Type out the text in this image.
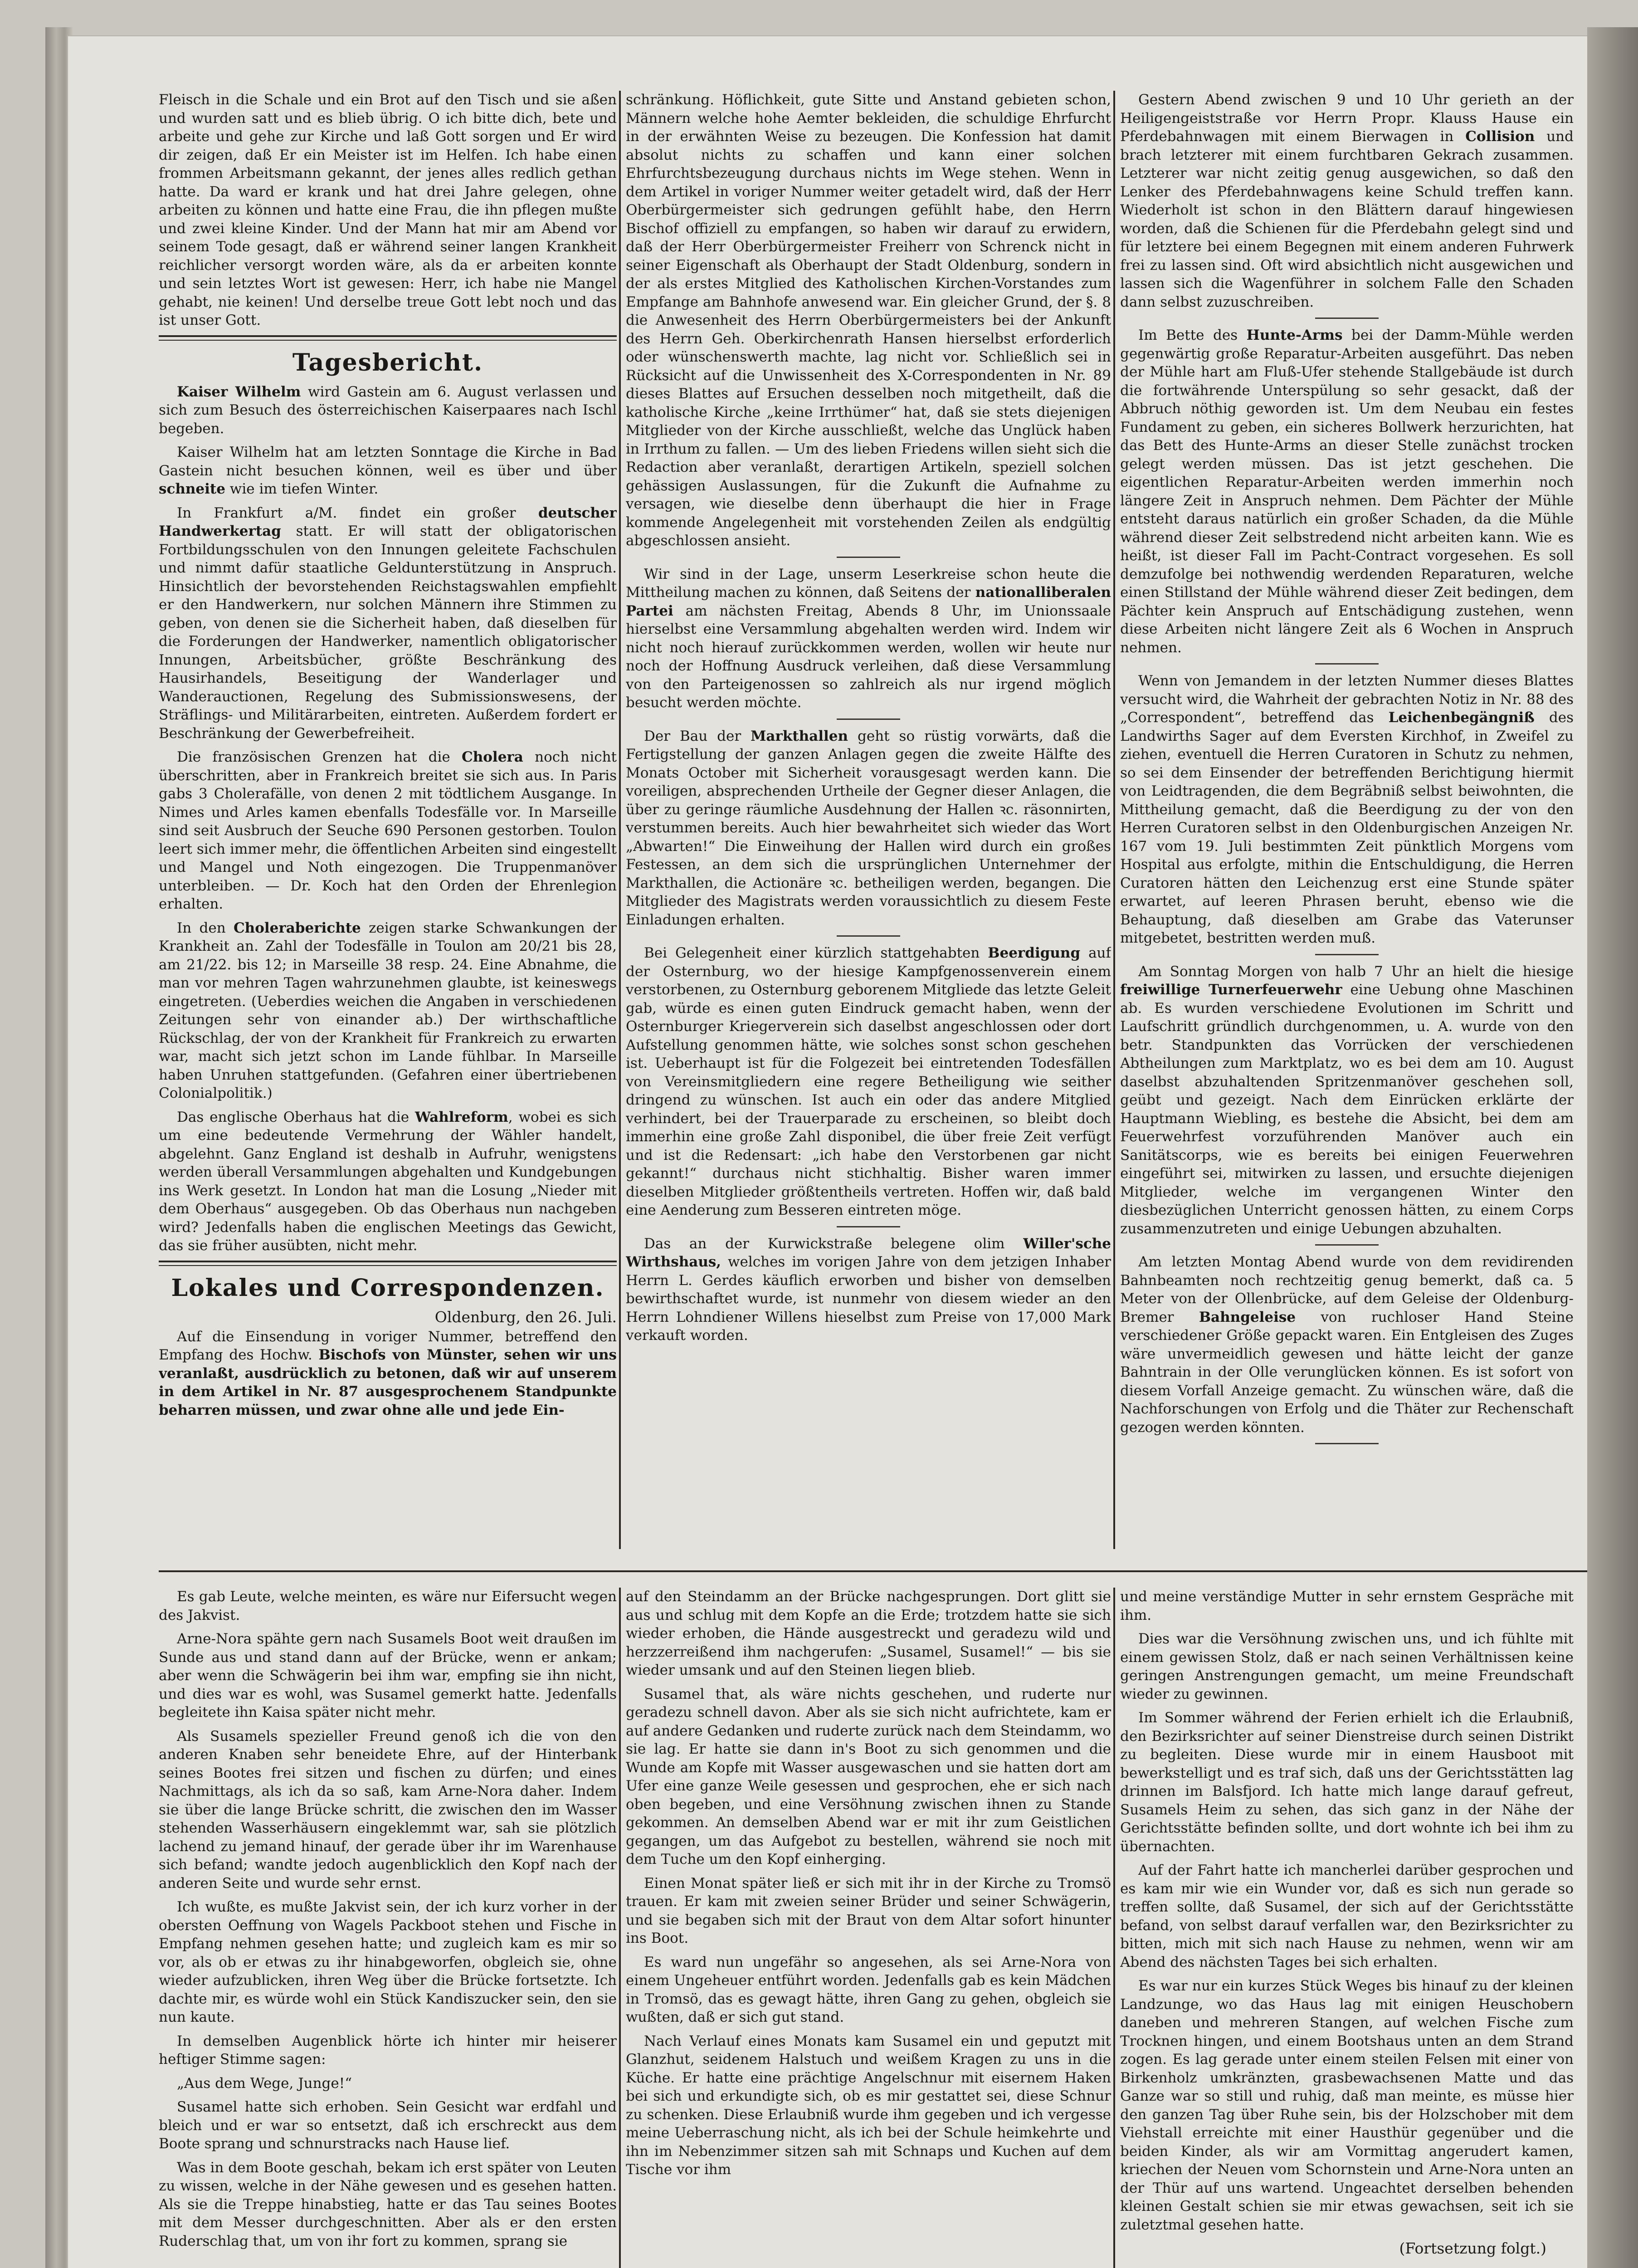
Fleisch in die Schale und ein Brot auf den Tisch und sie aßen und wurden satt und es blieb übrig. O ich bitte dich, bete und arbeite und gehe zur Kirche und laß Gott sorgen und Er wird dir zeigen, daß Er ein Meister ist im Helfen. Ich habe einen frommen Arbeitsmann gekannt, der jenes alles redlich gethan hatte. Da ward er krank und hat drei Jahre gelegen, ohne arbeiten zu können und hatte eine Frau, die ihn pflegen mußte und zwei kleine Kinder. Und der Mann hat mir am Abend vor seinem Tode gesagt, daß er während seiner langen Krankheit reichlicher versorgt worden wäre, als da er arbeiten konnte und sein letztes Wort ist gewesen: Herr, ich habe nie Mangel gehabt, nie keinen! Und derselbe treue Gott lebt noch und das ist unser Gott.

Tagesbericht.

Kaiser Wilhelm wird Gastein am 6. August verlassen und sich zum Besuch des österreichischen Kaiserpaares nach Ischl begeben.

Kaiser Wilhelm hat am letzten Sonntage die Kirche in Bad Gastein nicht besuchen können, weil es über und über schneite wie im tiefen Winter.

In Frankfurt a/M. findet ein großer deutscher Handwerkertag statt. Er will statt der obligatorischen Fortbildungsschulen von den Innungen geleitete Fachschulen und nimmt dafür staatliche Geldunterstützung in Anspruch. Hinsichtlich der bevorstehenden Reichstagswahlen empfiehlt er den Handwerkern, nur solchen Männern ihre Stimmen zu geben, von denen sie die Sicherheit haben, daß dieselben für die Forderungen der Handwerker, namentlich obligatorischer Innungen, Arbeitsbücher, größte Beschränkung des Hausirhandels, Beseitigung der Wanderlager und Wanderauctionen, Regelung des Submissionswesens, der Sträflings- und Militärarbeiten, eintreten. Außerdem fordert er Beschränkung der Gewerbefreiheit.

Die französischen Grenzen hat die Cholera noch nicht überschritten, aber in Frankreich breitet sie sich aus. In Paris gabs 3 Cholerafälle, von denen 2 mit tödtlichem Ausgange. In Nimes und Arles kamen ebenfalls Todesfälle vor. In Marseille sind seit Ausbruch der Seuche 690 Personen gestorben. Toulon leert sich immer mehr, die öffentlichen Arbeiten sind eingestellt und Mangel und Noth eingezogen. Die Truppenmanöver unterbleiben. — Dr. Koch hat den Orden der Ehrenlegion erhalten.

In den Choleraberichte zeigen starke Schwankungen der Krankheit an. Zahl der Todesfälle in Toulon am 20/21 bis 28, am 21/22. bis 12; in Marseille 38 resp. 24. Eine Abnahme, die man vor mehren Tagen wahrzunehmen glaubte, ist keineswegs eingetreten. (Ueberdies weichen die Angaben in verschiedenen Zeitungen sehr von einander ab.) Der wirthschaftliche Rückschlag, der von der Krankheit für Frankreich zu erwarten war, macht sich jetzt schon im Lande fühlbar. In Marseille haben Unruhen stattgefunden. (Gefahren einer übertriebenen Colonialpolitik.)

Das englische Oberhaus hat die Wahlreform, wobei es sich um eine bedeutende Vermehrung der Wähler handelt, abgelehnt. Ganz England ist deshalb in Aufruhr, wenigstens werden überall Versammlungen abgehalten und Kundgebungen ins Werk gesetzt. In London hat man die Losung „Nieder mit dem Oberhaus“ ausgegeben. Ob das Oberhaus nun nachgeben wird? Jedenfalls haben die englischen Meetings das Gewicht, das sie früher ausübten, nicht mehr.

Lokales und Correspondenzen.
Oldenburg, den 26. Juli.

Auf die Einsendung in voriger Nummer, betreffend den Empfang des Hochw. Bischofs von Münster, sehen wir uns veranlaßt, ausdrücklich zu betonen, daß wir auf unserem in dem Artikel in Nr. 87 ausgesprochenem Standpunkte beharren müssen, und zwar ohne alle und jede Ein-

schränkung. Höflichkeit, gute Sitte und Anstand gebieten schon, Männern welche hohe Aemter bekleiden, die schuldige Ehrfurcht in der erwähnten Weise zu bezeugen. Die Konfession hat damit absolut nichts zu schaffen und kann einer solchen Ehrfurchtsbezeugung durchaus nichts im Wege stehen. Wenn in dem Artikel in voriger Nummer weiter getadelt wird, daß der Herr Oberbürgermeister sich gedrungen gefühlt habe, den Herrn Bischof offiziell zu empfangen, so haben wir darauf zu erwidern, daß der Herr Oberbürgermeister Freiherr von Schrenck nicht in seiner Eigenschaft als Oberhaupt der Stadt Oldenburg, sondern in der als erstes Mitglied des Katholischen Kirchen-Vorstandes zum Empfange am Bahnhofe anwesend war. Ein gleicher Grund, der §. 8 die Anwesenheit des Herrn Oberbürgermeisters bei der Ankunft des Herrn Geh. Oberkirchenrath Hansen hierselbst erforderlich oder wünschenswerth machte, lag nicht vor. Schließlich sei in Rücksicht auf die Unwissenheit des X-Correspondenten in Nr. 89 dieses Blattes auf Ersuchen desselben noch mitgetheilt, daß die katholische Kirche „keine Irrthümer“ hat, daß sie stets diejenigen Mitglieder von der Kirche ausschließt, welche das Unglück haben in Irrthum zu fallen. — Um des lieben Friedens willen sieht sich die Redaction aber veranlaßt, derartigen Artikeln, speziell solchen gehässigen Auslassungen, für die Zukunft die Aufnahme zu versagen, wie dieselbe denn überhaupt die hier in Frage kommende Angelegenheit mit vorstehenden Zeilen als endgültig abgeschlossen ansieht.

Wir sind in der Lage, unserm Leserkreise schon heute die Mittheilung machen zu können, daß Seitens der nationalliberalen Partei am nächsten Freitag, Abends 8 Uhr, im Unionssaale hierselbst eine Versammlung abgehalten werden wird. Indem wir nicht noch hierauf zurückkommen werden, wollen wir heute nur noch der Hoffnung Ausdruck verleihen, daß diese Versammlung von den Parteigenossen so zahlreich als nur irgend möglich besucht werden möchte.

Der Bau der Markthallen geht so rüstig vorwärts, daß die Fertigstellung der ganzen Anlagen gegen die zweite Hälfte des Monats October mit Sicherheit vorausgesagt werden kann. Die voreiligen, absprechenden Urtheile der Gegner dieser Anlagen, die über zu geringe räumliche Ausdehnung der Hallen ꝛc. räsonnirten, verstummen bereits. Auch hier bewahrheitet sich wieder das Wort „Abwarten!“ Die Einweihung der Hallen wird durch ein großes Festessen, an dem sich die ursprünglichen Unternehmer der Markthallen, die Actionäre ꝛc. betheiligen werden, begangen. Die Mitglieder des Magistrats werden voraussichtlich zu diesem Feste Einladungen erhalten.

Bei Gelegenheit einer kürzlich stattgehabten Beerdigung auf der Osternburg, wo der hiesige Kampfgenossenverein einem verstorbenen, zu Osternburg geborenem Mitgliede das letzte Geleit gab, würde es einen guten Eindruck gemacht haben, wenn der Osternburger Kriegerverein sich daselbst angeschlossen oder dort Aufstellung genommen hätte, wie solches sonst schon geschehen ist. Ueberhaupt ist für die Folgezeit bei eintretenden Todesfällen von Vereinsmitgliedern eine regere Betheiligung wie seither dringend zu wünschen. Ist auch ein oder das andere Mitglied verhindert, bei der Trauerparade zu erscheinen, so bleibt doch immerhin eine große Zahl disponibel, die über freie Zeit verfügt und ist die Redensart: „ich habe den Verstorbenen gar nicht gekannt!“ durchaus nicht stichhaltig. Bisher waren immer dieselben Mitglieder größtentheils vertreten. Hoffen wir, daß bald eine Aenderung zum Besseren eintreten möge.

Das an der Kurwickstraße belegene olim Willer'sche Wirthshaus, welches im vorigen Jahre von dem jetzigen Inhaber Herrn L. Gerdes käuflich erworben und bisher von demselben bewirthschaftet wurde, ist nunmehr von diesem wieder an den Herrn Lohndiener Willens hieselbst zum Preise von 17,000 Mark verkauft worden.

Gestern Abend zwischen 9 und 10 Uhr gerieth an der Heiligengeiststraße vor Herrn Propr. Klauss Hause ein Pferdebahnwagen mit einem Bierwagen in Collision und brach letzterer mit einem furchtbaren Gekrach zusammen. Letzterer war nicht zeitig genug ausgewichen, so daß den Lenker des Pferdebahnwagens keine Schuld treffen kann. Wiederholt ist schon in den Blättern darauf hingewiesen worden, daß die Schienen für die Pferdebahn gelegt sind und für letztere bei einem Begegnen mit einem anderen Fuhrwerk frei zu lassen sind. Oft wird absichtlich nicht ausgewichen und lassen sich die Wagenführer in solchem Falle den Schaden dann selbst zuzuschreiben.

Im Bette des Hunte-Arms bei der Damm-Mühle werden gegenwärtig große Reparatur-Arbeiten ausgeführt. Das neben der Mühle hart am Fluß-Ufer stehende Stallgebäude ist durch die fortwährende Unterspülung so sehr gesackt, daß der Abbruch nöthig geworden ist. Um dem Neubau ein festes Fundament zu geben, ein sicheres Bollwerk herzurichten, hat das Bett des Hunte-Arms an dieser Stelle zunächst trocken gelegt werden müssen. Das ist jetzt geschehen. Die eigentlichen Reparatur-Arbeiten werden immerhin noch längere Zeit in Anspruch nehmen. Dem Pächter der Mühle entsteht daraus natürlich ein großer Schaden, da die Mühle während dieser Zeit selbstredend nicht arbeiten kann. Wie es heißt, ist dieser Fall im Pacht-Contract vorgesehen. Es soll demzufolge bei nothwendig werdenden Reparaturen, welche einen Stillstand der Mühle während dieser Zeit bedingen, dem Pächter kein Anspruch auf Entschädigung zustehen, wenn diese Arbeiten nicht längere Zeit als 6 Wochen in Anspruch nehmen.

Wenn von Jemandem in der letzten Nummer dieses Blattes versucht wird, die Wahrheit der gebrachten Notiz in Nr. 88 des „Correspondent“, betreffend das Leichenbegängniß des Landwirths Sager auf dem Eversten Kirchhof, in Zweifel zu ziehen, eventuell die Herren Curatoren in Schutz zu nehmen, so sei dem Einsender der betreffenden Berichtigung hiermit von Leidtragenden, die dem Begräbniß selbst beiwohnten, die Mittheilung gemacht, daß die Beerdigung zu der von den Herren Curatoren selbst in den Oldenburgischen Anzeigen Nr. 167 vom 19. Juli bestimmten Zeit pünktlich Morgens vom Hospital aus erfolgte, mithin die Entschuldigung, die Herren Curatoren hätten den Leichenzug erst eine Stunde später erwartet, auf leeren Phrasen beruht, ebenso wie die Behauptung, daß dieselben am Grabe das Vaterunser mitgebetet, bestritten werden muß.

Am Sonntag Morgen von halb 7 Uhr an hielt die hiesige freiwillige Turnerfeuerwehr eine Uebung ohne Maschinen ab. Es wurden verschiedene Evolutionen im Schritt und Laufschritt gründlich durchgenommen, u. A. wurde von den betr. Standpunkten das Vorrücken der verschiedenen Abtheilungen zum Marktplatz, wo es bei dem am 10. August daselbst abzuhaltenden Spritzenmanöver geschehen soll, geübt und gezeigt. Nach dem Einrücken erklärte der Hauptmann Wiebling, es bestehe die Absicht, bei dem am Feuerwehrfest vorzuführenden Manöver auch ein Sanitätscorps, wie es bereits bei einigen Feuerwehren eingeführt sei, mitwirken zu lassen, und ersuchte diejenigen Mitglieder, welche im vergangenen Winter den diesbezüglichen Unterricht genossen hätten, zu einem Corps zusammenzutreten und einige Uebungen abzuhalten.

Am letzten Montag Abend wurde von dem revidirenden Bahnbeamten noch rechtzeitig genug bemerkt, daß ca. 5 Meter von der Ollenbrücke, auf dem Geleise der Oldenburg-Bremer Bahngeleise von ruchloser Hand Steine verschiedener Größe gepackt waren. Ein Entgleisen des Zuges wäre unvermeidlich gewesen und hätte leicht der ganze Bahntrain in der Olle verunglücken können. Es ist sofort von diesem Vorfall Anzeige gemacht. Zu wünschen wäre, daß die Nachforschungen von Erfolg und die Thäter zur Rechenschaft gezogen werden könnten.

Es gab Leute, welche meinten, es wäre nur Eifersucht wegen des Jakvist.

Arne-Nora spähte gern nach Susamels Boot weit draußen im Sunde aus und stand dann auf der Brücke, wenn er ankam; aber wenn die Schwägerin bei ihm war, empfing sie ihn nicht, und dies war es wohl, was Susamel gemerkt hatte. Jedenfalls begleitete ihn Kaisa später nicht mehr.

Als Susamels spezieller Freund genoß ich die von den anderen Knaben sehr beneidete Ehre, auf der Hinterbank seines Bootes frei sitzen und fischen zu dürfen; und eines Nachmittags, als ich da so saß, kam Arne-Nora daher. Indem sie über die lange Brücke schritt, die zwischen den im Wasser stehenden Wasserhäusern eingeklemmt war, sah sie plötzlich lachend zu jemand hinauf, der gerade über ihr im Warenhause sich befand; wandte jedoch augenblicklich den Kopf nach der anderen Seite und wurde sehr ernst.

Ich wußte, es mußte Jakvist sein, der ich kurz vorher in der obersten Oeffnung von Wagels Packboot stehen und Fische in Empfang nehmen gesehen hatte; und zugleich kam es mir so vor, als ob er etwas zu ihr hinabgeworfen, obgleich sie, ohne wieder aufzublicken, ihren Weg über die Brücke fortsetzte. Ich dachte mir, es würde wohl ein Stück Kandiszucker sein, den sie nun kaute.

In demselben Augenblick hörte ich hinter mir heiserer heftiger Stimme sagen:

„Aus dem Wege, Junge!“

Susamel hatte sich erhoben. Sein Gesicht war erdfahl und bleich und er war so entsetzt, daß ich erschreckt aus dem Boote sprang und schnurstracks nach Hause lief.

Was in dem Boote geschah, bekam ich erst später von Leuten zu wissen, welche in der Nähe gewesen und es gesehen hatten. Als sie die Treppe hinabstieg, hatte er das Tau seines Bootes mit dem Messer durchgeschnitten. Aber als er den ersten Ruderschlag that, um von ihr fort zu kommen, sprang sie

auf den Steindamm an der Brücke nachgesprungen. Dort glitt sie aus und schlug mit dem Kopfe an die Erde; trotzdem hatte sie sich wieder erhoben, die Hände ausgestreckt und geradezu wild und herzzerreißend ihm nachgerufen: „Susamel, Susamel!“ — bis sie wieder umsank und auf den Steinen liegen blieb.

Susamel that, als wäre nichts geschehen, und ruderte nur geradezu schnell davon. Aber als sie sich nicht aufrichtete, kam er auf andere Gedanken und ruderte zurück nach dem Steindamm, wo sie lag. Er hatte sie dann in's Boot zu sich genommen und die Wunde am Kopfe mit Wasser ausgewaschen und sie hatten dort am Ufer eine ganze Weile gesessen und gesprochen, ehe er sich nach oben begeben, und eine Versöhnung zwischen ihnen zu Stande gekommen. An demselben Abend war er mit ihr zum Geistlichen gegangen, um das Aufgebot zu bestellen, während sie noch mit dem Tuche um den Kopf einherging.

Einen Monat später ließ er sich mit ihr in der Kirche zu Tromsö trauen. Er kam mit zweien seiner Brüder und seiner Schwägerin, und sie begaben sich mit der Braut von dem Altar sofort hinunter ins Boot.

Es ward nun ungefähr so angesehen, als sei Arne-Nora von einem Ungeheuer entführt worden. Jedenfalls gab es kein Mädchen in Tromsö, das es gewagt hätte, ihren Gang zu gehen, obgleich sie wußten, daß er sich gut stand.

Nach Verlauf eines Monats kam Susamel ein und geputzt mit Glanzhut, seidenem Halstuch und weißem Kragen zu uns in die Küche. Er hatte eine prächtige Angelschnur mit eisernem Haken bei sich und erkundigte sich, ob es mir gestattet sei, diese Schnur zu schenken. Diese Erlaubniß wurde ihm gegeben und ich vergesse meine Ueberraschung nicht, als ich bei der Schule heimkehrte und ihn im Nebenzimmer sitzen sah mit Schnaps und Kuchen auf dem Tische vor ihm

und meine verständige Mutter in sehr ernstem Gespräche mit ihm.

Dies war die Versöhnung zwischen uns, und ich fühlte mit einem gewissen Stolz, daß er nach seinen Verhältnissen keine geringen Anstrengungen gemacht, um meine Freundschaft wieder zu gewinnen.

Im Sommer während der Ferien erhielt ich die Erlaubniß, den Bezirksrichter auf seiner Dienstreise durch seinen Distrikt zu begleiten. Diese wurde mir in einem Hausboot mit bewerkstelligt und es traf sich, daß uns der Gerichtsstätten lag drinnen im Balsfjord. Ich hatte mich lange darauf gefreut, Susamels Heim zu sehen, das sich ganz in der Nähe der Gerichtsstätte befinden sollte, und dort wohnte ich bei ihm zu übernachten.

Auf der Fahrt hatte ich mancherlei darüber gesprochen und es kam mir wie ein Wunder vor, daß es sich nun gerade so treffen sollte, daß Susamel, der sich auf der Gerichtsstätte befand, von selbst darauf verfallen war, den Bezirksrichter zu bitten, mich mit sich nach Hause zu nehmen, wenn wir am Abend des nächsten Tages bei sich erhalten.

Es war nur ein kurzes Stück Weges bis hinauf zu der kleinen Landzunge, wo das Haus lag mit einigen Heuschobern daneben und mehreren Stangen, auf welchen Fische zum Trocknen hingen, und einem Bootshaus unten an dem Strand zogen. Es lag gerade unter einem steilen Felsen mit einer von Birkenholz umkränzten, grasbewachsenen Matte und das Ganze war so still und ruhig, daß man meinte, es müsse hier den ganzen Tag über Ruhe sein, bis der Holzschober mit dem Viehstall erreichte mit einer Hausthür gegenüber und die beiden Kinder, als wir am Vormittag angerudert kamen, kriechen der Neuen vom Schornstein und Arne-Nora unten an der Thür auf uns wartend. Ungeachtet derselben behenden kleinen Gestalt schien sie mir etwas gewachsen, seit ich sie zuletztmal gesehen hatte.

(Fortsetzung folgt.)
